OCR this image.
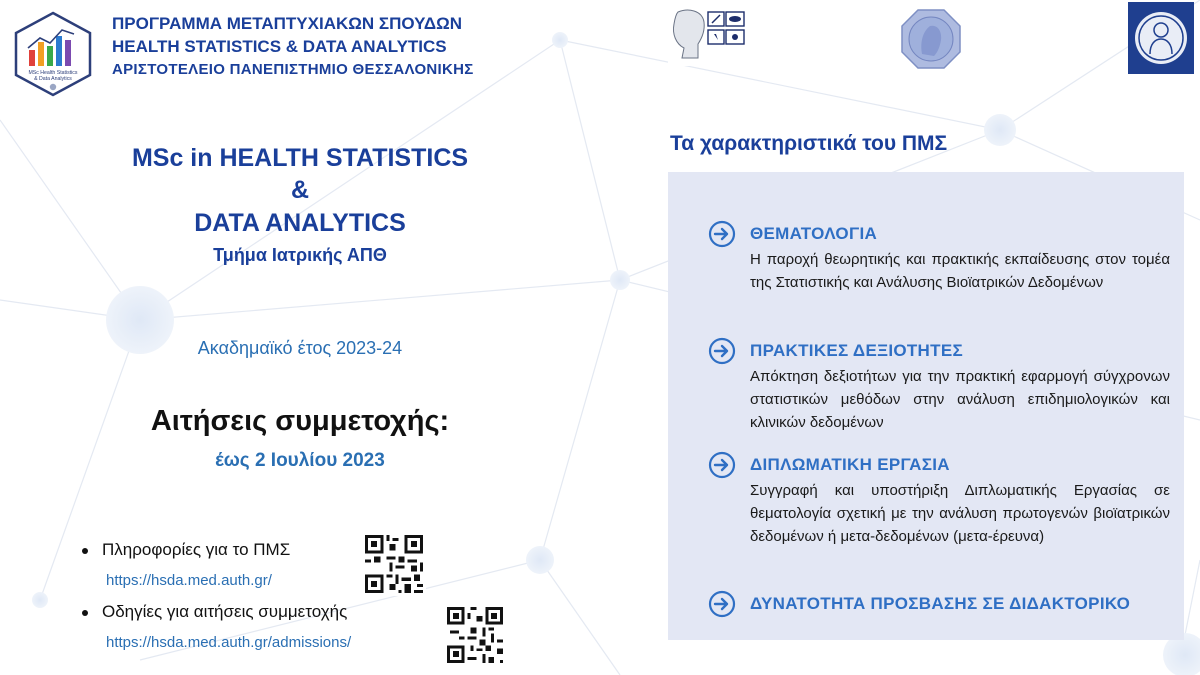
MSc Health Statistics
& Data Analytics
ΠΡΟΓΡΑΜΜΑ ΜΕΤΑΠΤΥΧΙΑΚΩΝ ΣΠΟΥΔΩΝ
HEALTH STATISTICS & DATA ANALYTICS
ΑΡΙΣΤΟΤΕΛΕΙΟ ΠΑΝΕΠΙΣΤΗΜΙΟ ΘΕΣΣΑΛΟΝΙΚΗΣ
MSc in HEALTH STATISTICS
&
DATA ANALYTICS
Τμήμα Ιατρικής ΑΠΘ
Ακαδημαϊκό έτος 2023-24
Αιτήσεις συμμετοχής:
έως 2 Ιουλίου 2023
Πληροφορίες για το ΠΜΣ
https://hsda.med.auth.gr/
Οδηγίες για αιτήσεις συμμετοχής
https://hsda.med.auth.gr/admissions/
Τα χαρακτηριστικά του ΠΜΣ
ΘΕΜΑΤΟΛΟΓΙΑ
Η παροχή θεωρητικής και πρακτικής εκπαίδευσης στον τομέα της Στατιστικής και Ανάλυσης Βιοϊατρικών Δεδομένων
ΠΡΑΚΤΙΚΕΣ ΔΕΞΙΟΤΗΤΕΣ
Απόκτηση δεξιοτήτων για την πρακτική εφαρμογή σύγχρονων στατιστικών μεθόδων στην ανάλυση επιδημιολογικών και κλινικών δεδομένων
ΔΙΠΛΩΜΑΤΙΚΗ ΕΡΓΑΣΙΑ
Συγγραφή και υποστήριξη Διπλωματικής Εργασίας σε θεματολογία σχετική με την ανάλυση πρωτογενών βιοϊατρικών δεδομένων ή μετα-δεδομένων (μετα-έρευνα)
ΔΥΝΑΤΟΤΗΤΑ ΠΡΟΣΒΑΣΗΣ ΣΕ ΔΙΔΑΚΤΟΡΙΚΟ
